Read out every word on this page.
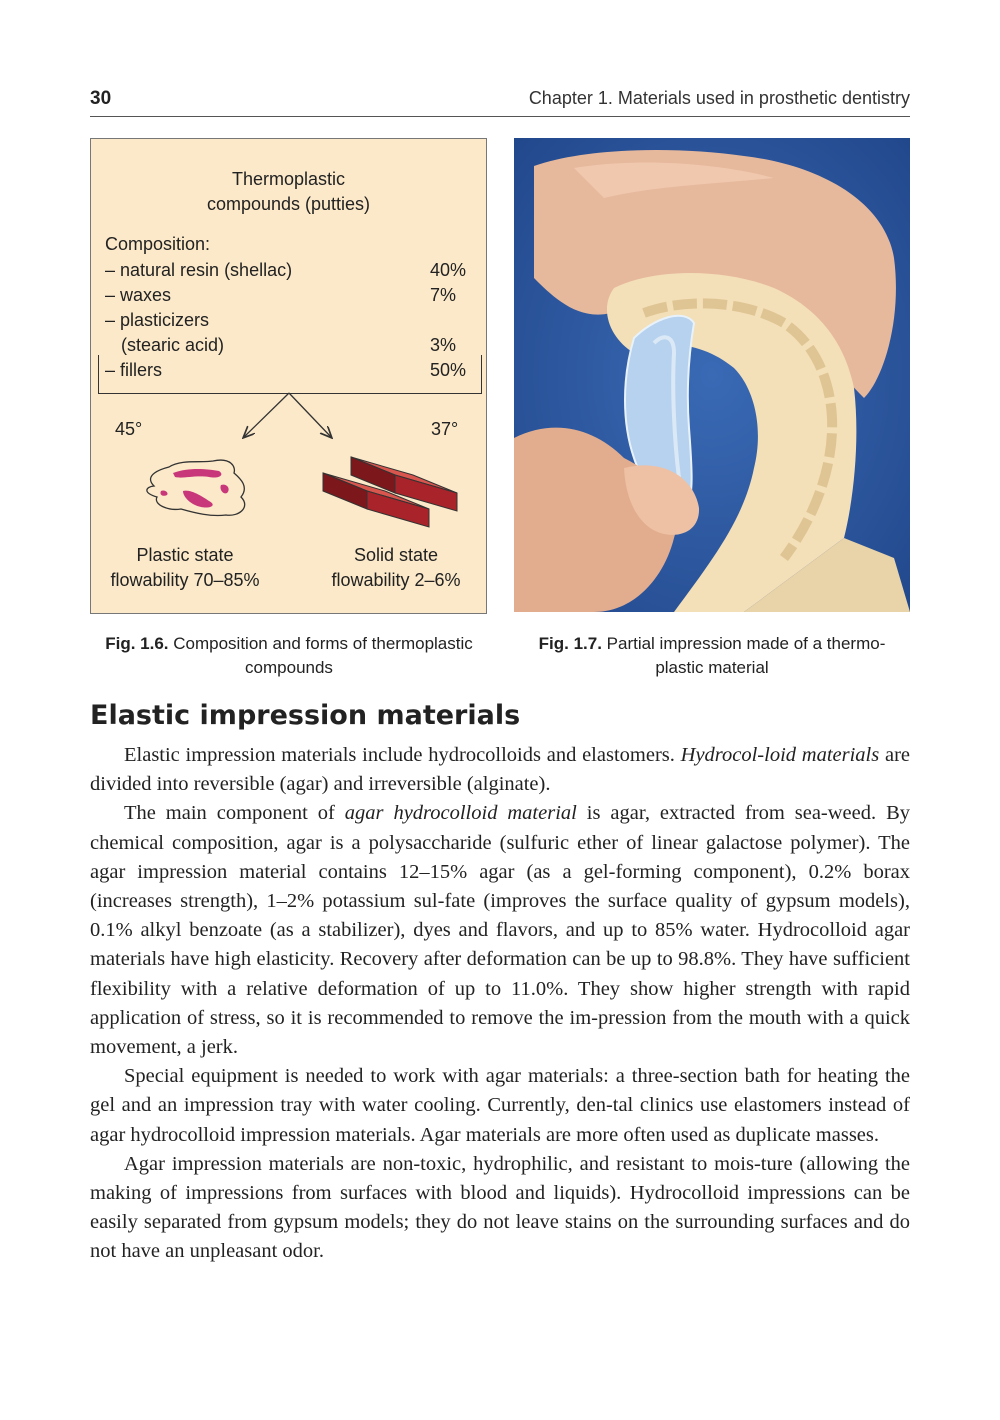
30	Chapter 1. Materials used in prosthetic dentistry
Thermoplastic
compounds (putties)
Composition:
– natural resin (shellac)	40%
– waxes	7%
– plasticizers
(stearic acid)	3%
– fillers	50%
45°	37°
Plastic state
flowability 70–85%
Solid state
flowability 2–6%
Fig. 1.6. Composition and forms of thermoplastic
compounds
Fig. 1.7. Partial impression made of a thermo-
plastic material
Elastic impression materials

Elastic impression materials include hydrocolloids and elastomers. Hydrocol-loid materials are divided into reversible (agar) and irreversible (alginate).

The main component of agar hydrocolloid material is agar, extracted from sea-weed. By chemical composition, agar is a polysaccharide (sulfuric ether of linear galactose polymer). The agar impression material contains 12–15% agar (as a gel-forming component), 0.2% borax (increases strength), 1–2% potassium sul-fate (improves the surface quality of gypsum models), 0.1% alkyl benzoate (as a stabilizer), dyes and flavors, and up to 85% water. Hydrocolloid agar materials have high elasticity. Recovery after deformation can be up to 98.8%. They have sufficient flexibility with a relative deformation of up to 11.0%. They show higher strength with rapid application of stress, so it is recommended to remove the im-pression from the mouth with a quick movement, a jerk.

Special equipment is needed to work with agar materials: a three-section bath for heating the gel and an impression tray with water cooling. Currently, den-tal clinics use elastomers instead of agar hydrocolloid impression materials. Agar materials are more often used as duplicate masses.

Agar impression materials are non-toxic, hydrophilic, and resistant to mois-ture (allowing the making of impressions from surfaces with blood and liquids). Hydrocolloid impressions can be easily separated from gypsum models; they do not leave stains on the surrounding surfaces and do not have an unpleasant odor.
